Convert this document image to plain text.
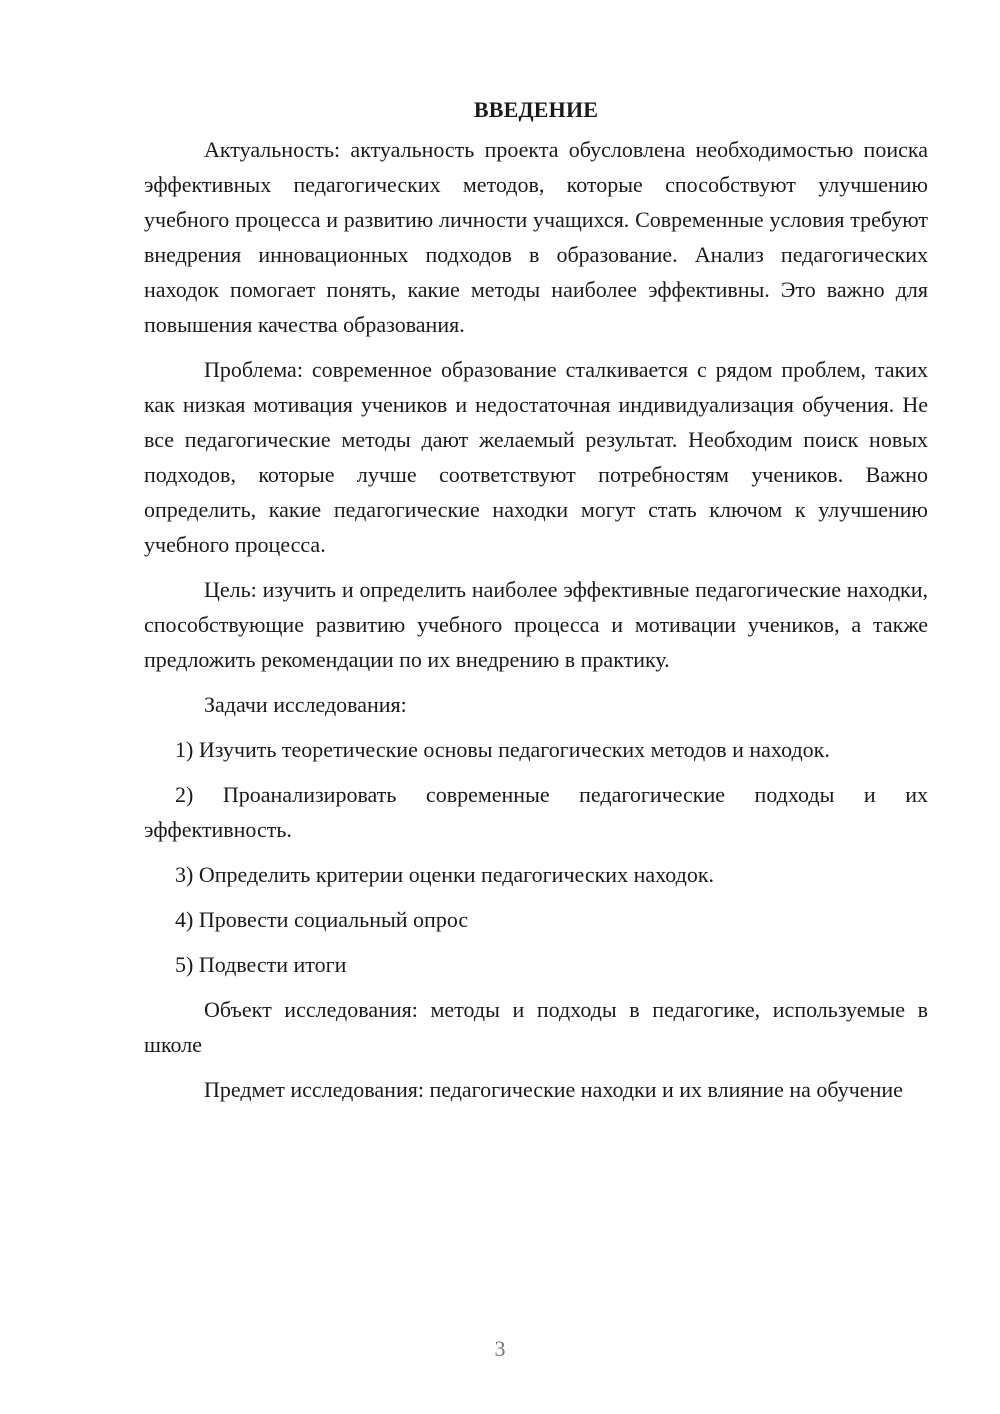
ВВЕДЕНИЕ

Актуальность: актуальность проекта обусловлена необходимостью поиска эффективных педагогических методов, которые способствуют улучшению учебного процесса и развитию личности учащихся. Современные условия требуют внедрения инновационных подходов в образование. Анализ педагогических находок помогает понять, какие методы наиболее эффективны. Это важно для повышения качества образования.

Проблема: современное образование сталкивается с рядом проблем, таких как низкая мотивация учеников и недостаточная индивидуализация обучения. Не все педагогические методы дают желаемый результат. Необходим поиск новых подходов, которые лучше соответствуют потребностям учеников. Важно определить, какие педагогические находки могут стать ключом к улучшению учебного процесса.

Цель: изучить и определить наиболее эффективные педагогические находки, способствующие развитию учебного процесса и мотивации учеников, а также предложить рекомендации по их внедрению в практику.

Задачи исследования:

1) Изучить теоретические основы педагогических методов и находок.

2) Проанализировать современные педагогические подходы и их эффективность.

3) Определить критерии оценки педагогических находок.

4) Провести социальный опрос

5) Подвести итоги

Объект исследования: методы и подходы в педагогике, используемые в школе

Предмет исследования: педагогические находки и их влияние на обучение

3
